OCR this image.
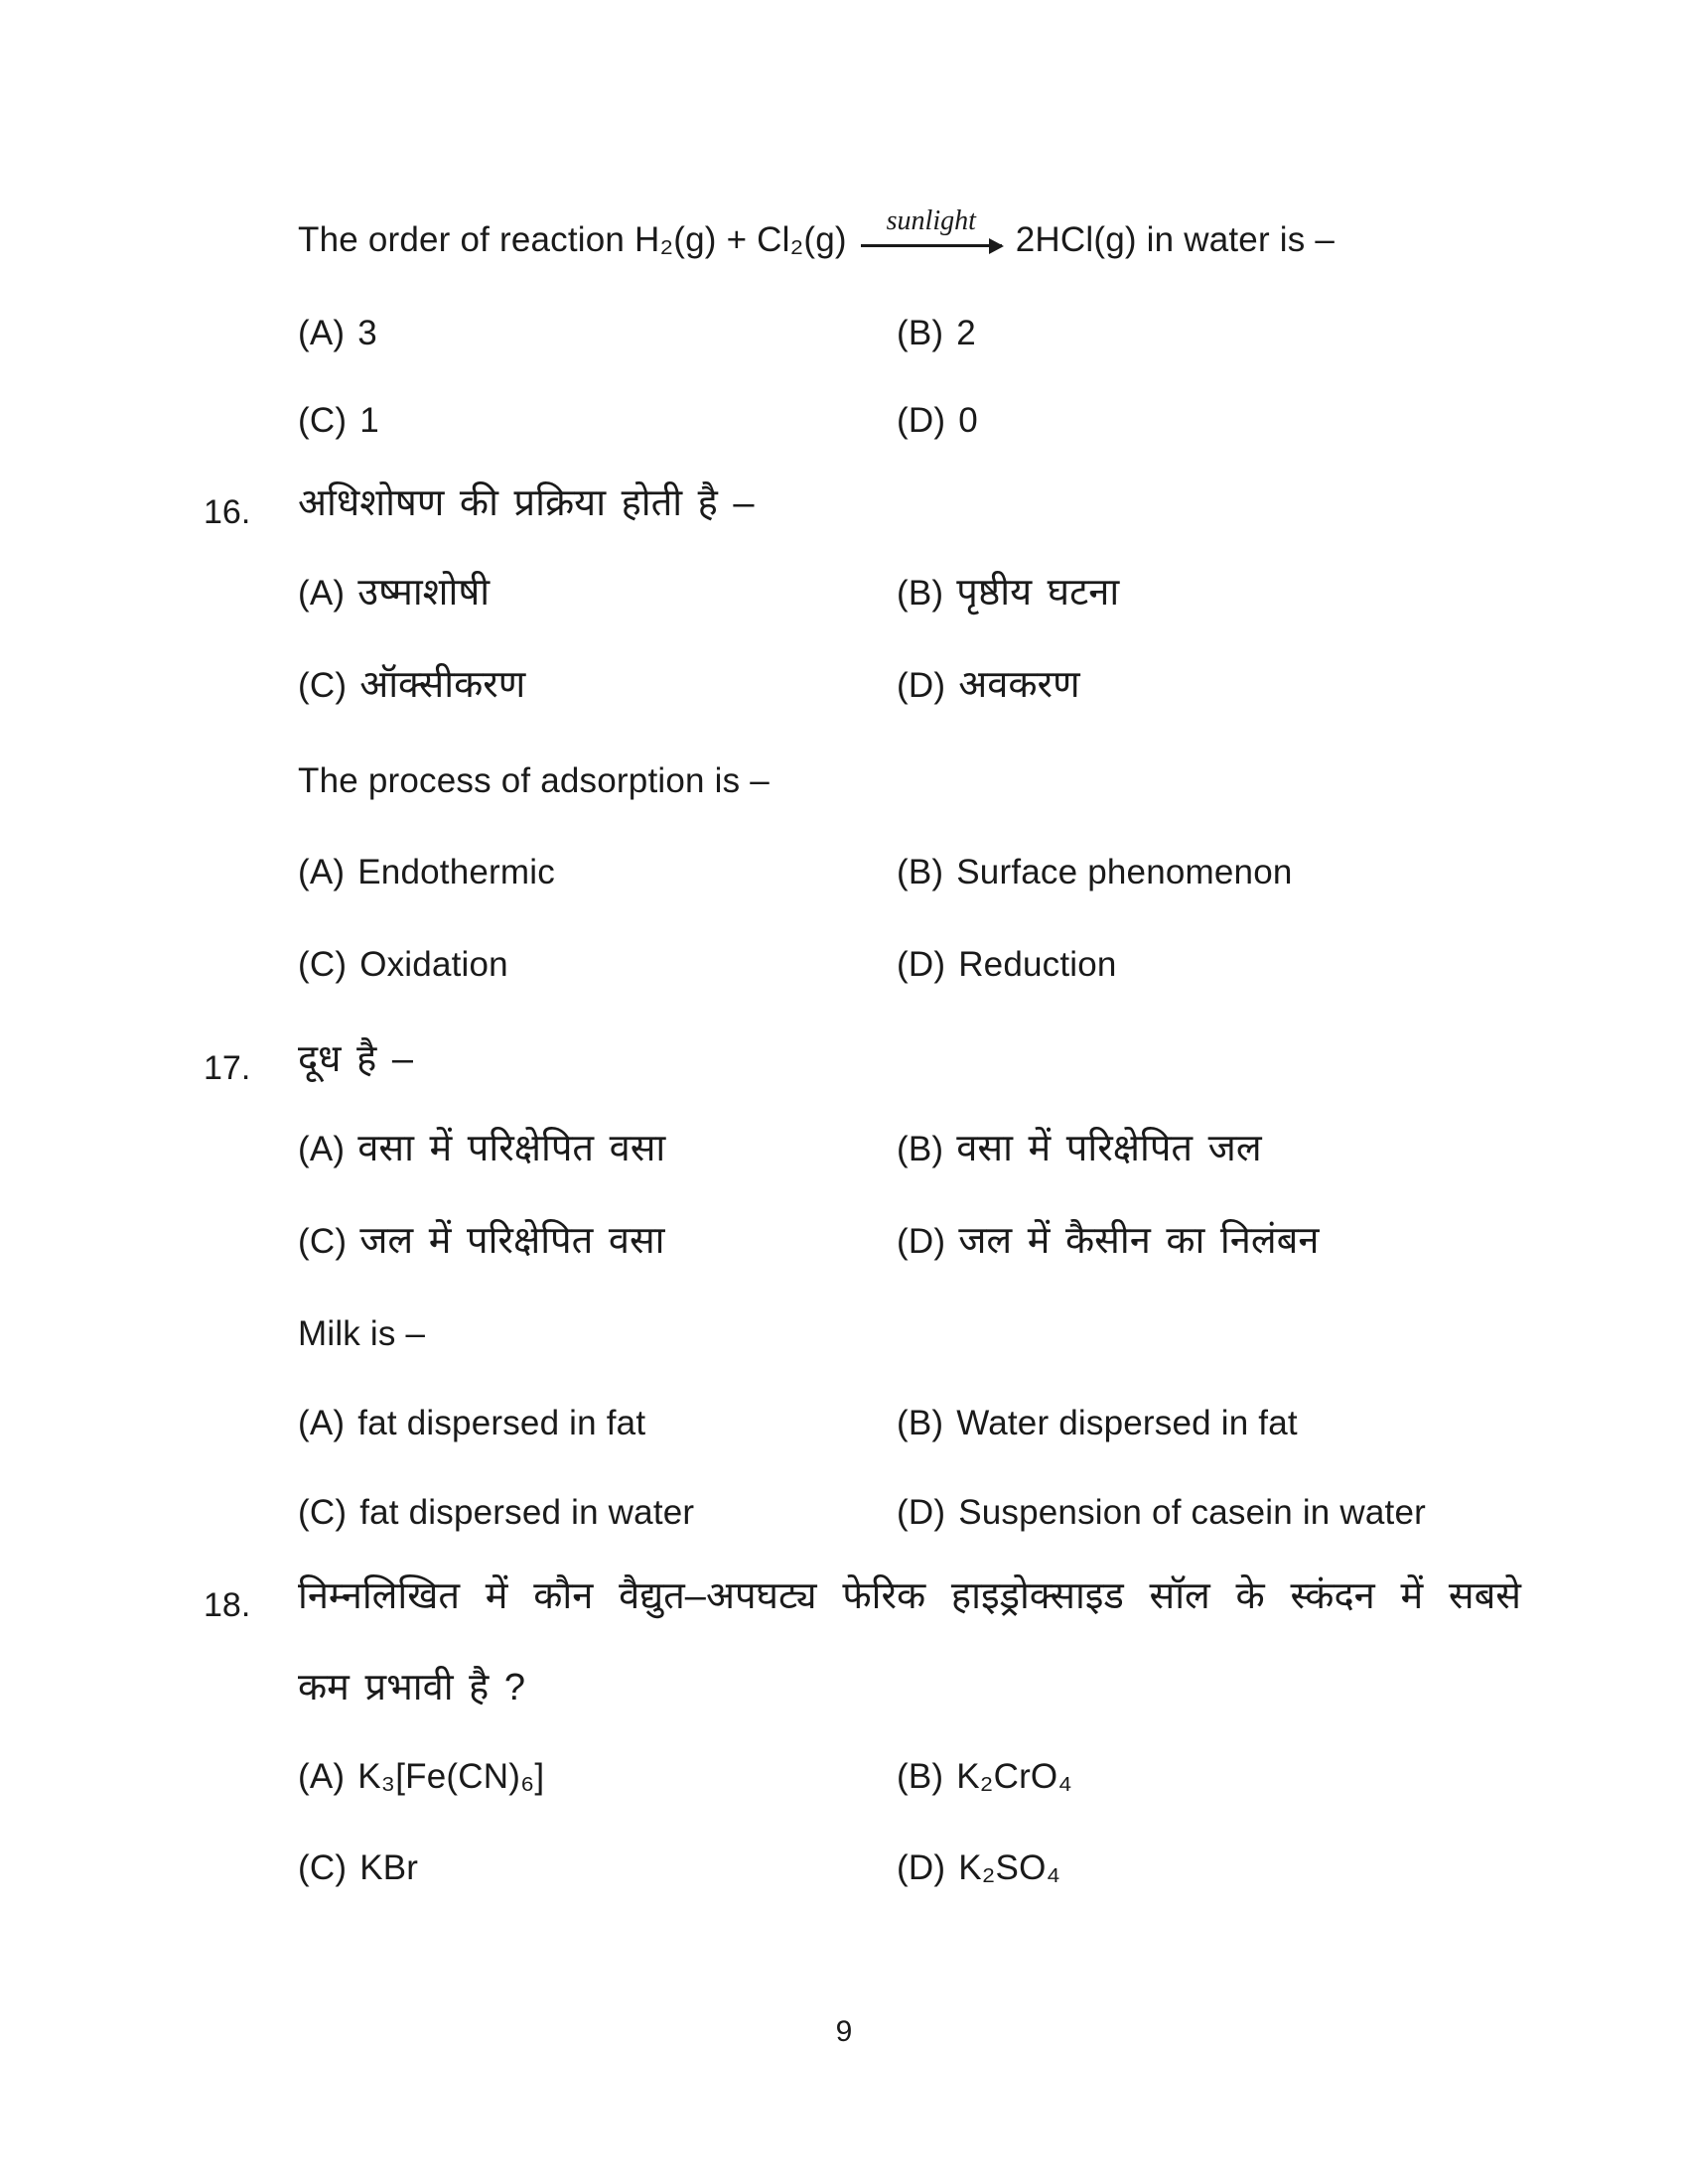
The order of reaction H₂(g) + Cl₂(g) sunlight 2HCl(g) in water is –
(A) 3	(B) 2
(C) 1	(D) 0
16. अधिशोषण की प्रक्रिया होती है –
(A) उष्माशोषी	(B) पृष्ठीय घटना
(C) ऑक्सीकरण	(D) अवकरण
The process of adsorption is –
(A) Endothermic	(B) Surface phenomenon
(C) Oxidation	(D) Reduction
17. दूध है –
(A) वसा में परिक्षेपित वसा	(B) वसा में परिक्षेपित जल
(C) जल में परिक्षेपित वसा	(D) जल में कैसीन का निलंबन
Milk is –
(A) fat dispersed in fat	(B) Water dispersed in fat
(C) fat dispersed in water	(D) Suspension of casein in water
18. निम्नलिखित में कौन वैद्युत–अपघट्य फेरिक हाइड्रोक्साइड सॉल के स्कंदन में सबसे
कम प्रभावी है ?
(A) K₃[Fe(CN)₆]	(B) K₂CrO₄
(C) KBr	(D) K₂SO₄
9
